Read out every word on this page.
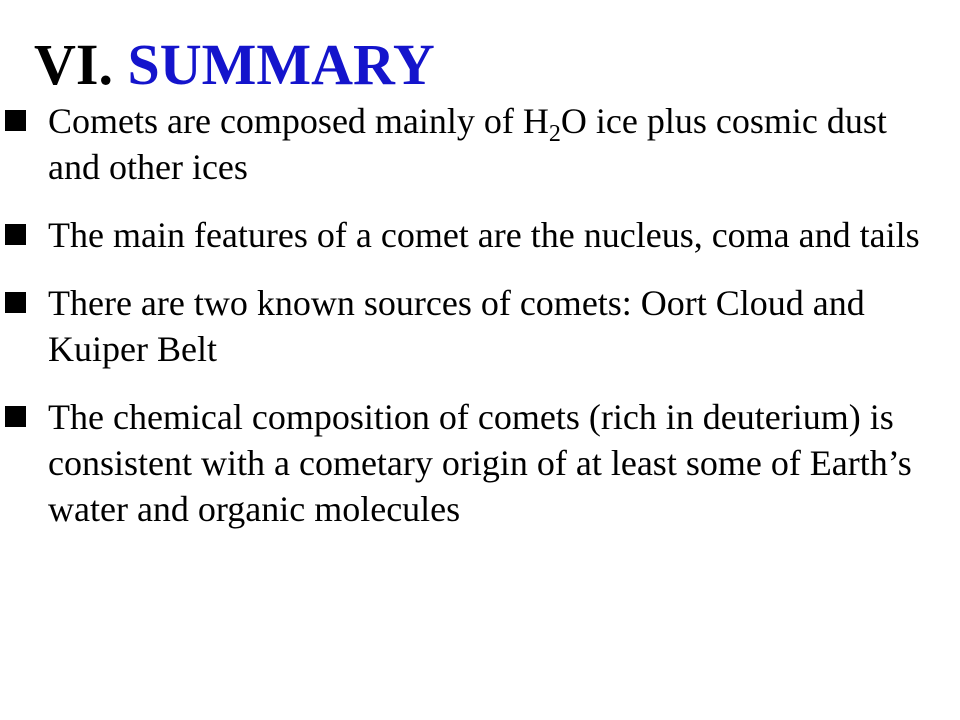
VI. SUMMARY
Comets are composed mainly of $H_2O$ ice plus cosmic dust and other ices
The main features of a comet are the nucleus, coma and tails
There are two known sources of comets: Oort Cloud and Kuiper Belt
The chemical composition of comets (rich in deuterium) is consistent with a cometary origin of at least some of Earth’s water and organic molecules
